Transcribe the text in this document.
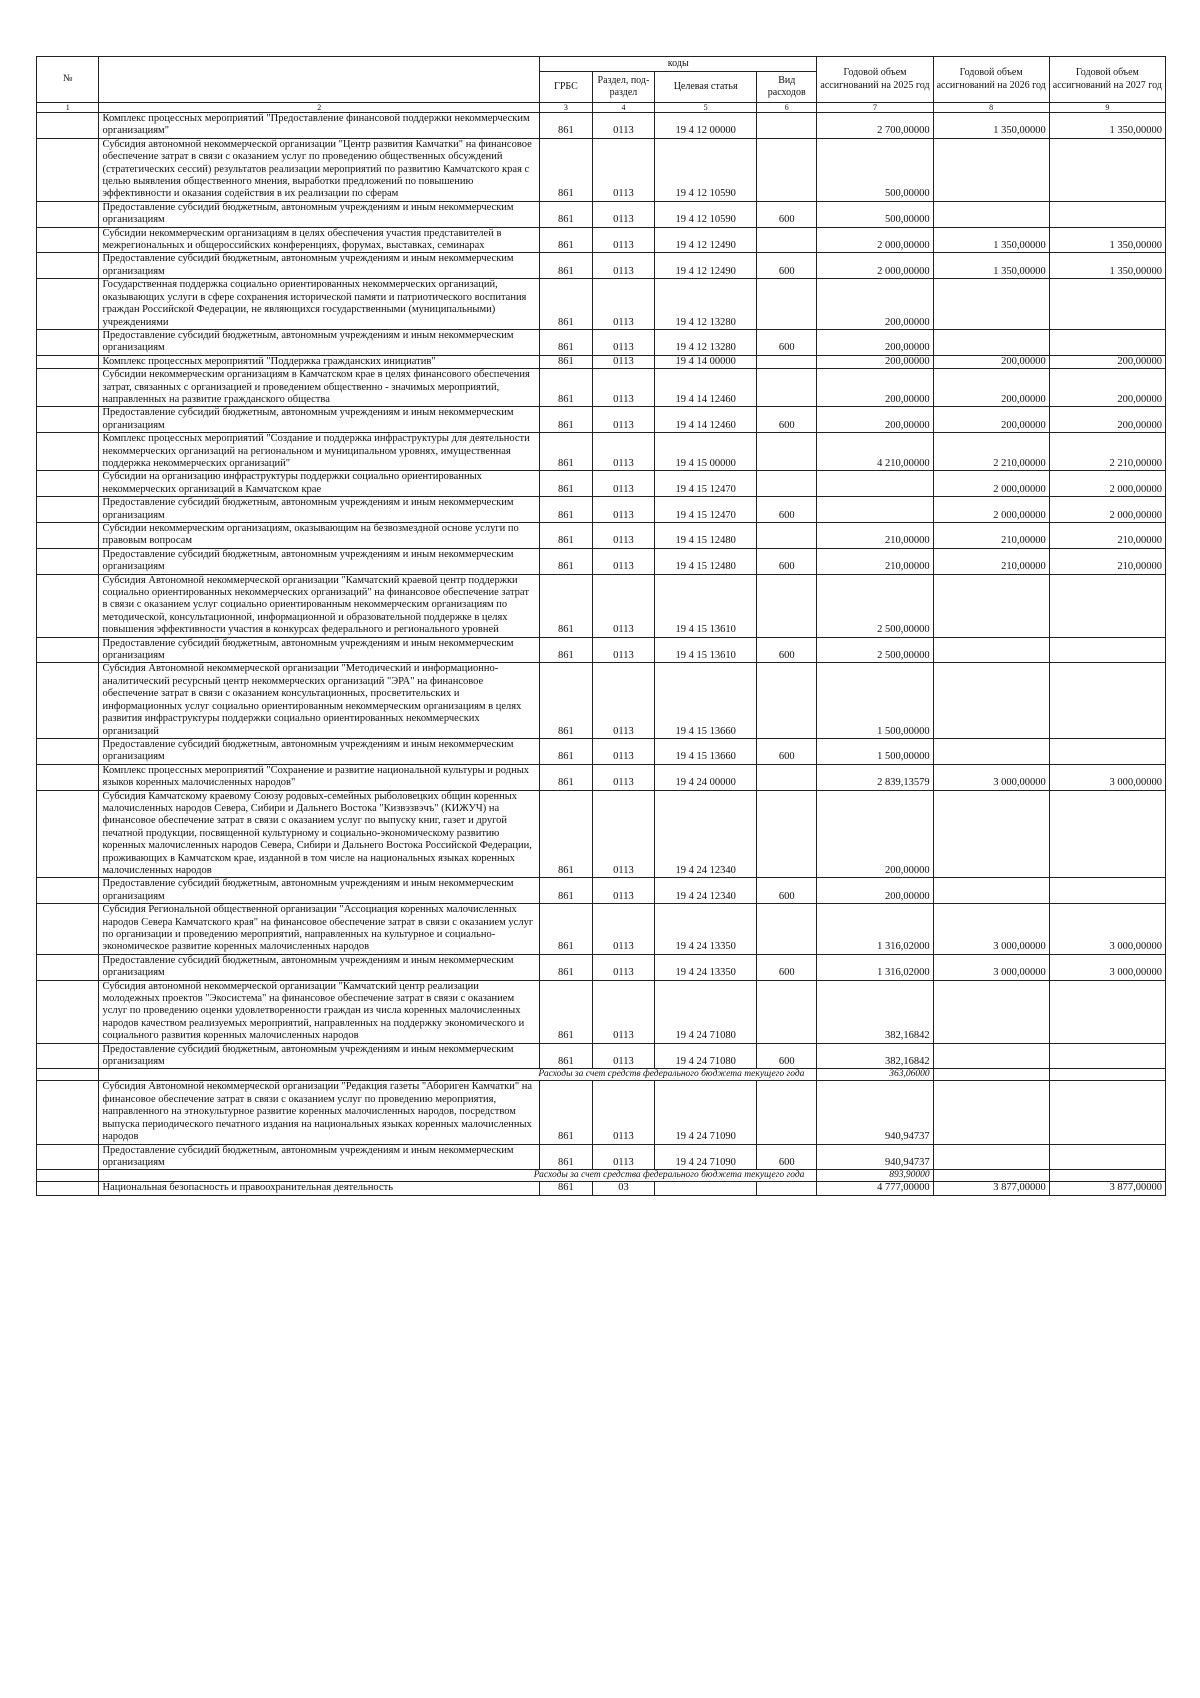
№		коды				Годовой объем ассигнований на 2025 год	Годовой объем ассигнований на 2026 год	Годовой объем ассигнований на 2027 год
		ГРБС	Раздел, под-раздел	Целевая статья	Вид расходов			
1	2	3	4	5	6	7	8	9
	Комплекс процессных мероприятий "Предоставление финансовой поддержки некоммерческим организациям"	861	0113	19 4 12 00000		2 700,00000	1 350,00000	1 350,00000
	Субсидия автономной некоммерческой организации "Центр развития Камчатки" на финансовое обеспечение затрат в связи с оказанием услуг по проведению общественных обсуждений (стратегических сессий) результатов реализации мероприятий по развитию Камчатского края с целью выявления общественного мнения, выработки предложений по повышению эффективности и оказания содействия в их реализации по сферам	861	0113	19 4 12 10590		500,00000		
	Предоставление субсидий бюджетным, автономным учреждениям и иным некоммерческим организациям	861	0113	19 4 12 10590	600	500,00000		
	Субсидии некоммерческим организациям в целях обеспечения участия представителей в межрегиональных и общероссийских конференциях, форумах, выставках, семинарах	861	0113	19 4 12 12490		2 000,00000	1 350,00000	1 350,00000
	Предоставление субсидий бюджетным, автономным учреждениям и иным некоммерческим организациям	861	0113	19 4 12 12490	600	2 000,00000	1 350,00000	1 350,00000
	Государственная поддержка социально ориентированных некоммерческих организаций, оказывающих услуги в сфере сохранения исторической памяти и патриотического воспитания граждан Российской Федерации, не являющихся государственными (муниципальными) учреждениями	861	0113	19 4 12 13280		200,00000		
	Предоставление субсидий бюджетным, автономным учреждениям и иным некоммерческим организациям	861	0113	19 4 12 13280	600	200,00000		
	Комплекс процессных мероприятий "Поддержка гражданских инициатив"	861	0113	19 4 14 00000		200,00000	200,00000	200,00000
	Субсидии некоммерческим организациям в Камчатском крае в целях финансового обеспечения затрат, связанных с организацией и проведением общественно - значимых мероприятий, направленных на развитие гражданского общества	861	0113	19 4 14 12460		200,00000	200,00000	200,00000
	Предоставление субсидий бюджетным, автономным учреждениям и иным некоммерческим организациям	861	0113	19 4 14 12460	600	200,00000	200,00000	200,00000
	Комплекс процессных мероприятий "Создание и поддержка инфраструктуры для деятельности некоммерческих организаций на региональном и муниципальном уровнях, имущественная поддержка некоммерческих организаций"	861	0113	19 4 15 00000		4 210,00000	2 210,00000	2 210,00000
	Субсидии на организацию инфраструктуры поддержки социально ориентированных некоммерческих организаций в Камчатском крае	861	0113	19 4 15 12470			2 000,00000	2 000,00000
	Предоставление субсидий бюджетным, автономным учреждениям и иным некоммерческим организациям	861	0113	19 4 15 12470	600		2 000,00000	2 000,00000
	Субсидии некоммерческим организациям, оказывающим на безвозмездной основе услуги по правовым вопросам	861	0113	19 4 15 12480		210,00000	210,00000	210,00000
	Предоставление субсидий бюджетным, автономным учреждениям и иным некоммерческим организациям	861	0113	19 4 15 12480	600	210,00000	210,00000	210,00000
	Субсидия Автономной некоммерческой организации "Камчатский краевой центр поддержки социально ориентированных некоммерческих организаций" на финансовое обеспечение затрат в связи с оказанием услуг социально ориентированным некоммерческим организациям по методической, консультационной, информационной и образовательной поддержке в целях повышения эффективности участия в конкурсах федерального и регионального уровней	861	0113	19 4 15 13610		2 500,00000		
	Предоставление субсидий бюджетным, автономным учреждениям и иным некоммерческим организациям	861	0113	19 4 15 13610	600	2 500,00000		
	Субсидия Автономной некоммерческой организации "Методический и информационно-аналитический ресурсный центр некоммерческих организаций "ЭРА" на финансовое обеспечение затрат в связи с оказанием консультационных, просветительских и информационных услуг социально ориентированным некоммерческим организациям в целях развития инфраструктуры поддержки социально ориентированных некоммерческих организаций	861	0113	19 4 15 13660		1 500,00000		
	Предоставление субсидий бюджетным, автономным учреждениям и иным некоммерческим организациям	861	0113	19 4 15 13660	600	1 500,00000		
	Комплекс процессных мероприятий "Сохранение и развитие национальной культуры и родных языков коренных малочисленных народов"	861	0113	19 4 24 00000		2 839,13579	3 000,00000	3 000,00000
	Субсидия Камчатскому краевому Союзу родовых-семейных рыболовецких общин коренных малочисленных народов Севера, Сибири и Дальнего Востока "Кизвэзвэчъ" (КИЖУЧ) на финансовое обеспечение затрат в связи с оказанием услуг по выпуску книг, газет и другой печатной продукции, посвященной культурному и социально-экономическому развитию коренных малочисленных народов Севера, Сибири и Дальнего Востока Российской Федерации, проживающих в Камчатском крае, изданной в том числе на национальных языках коренных малочисленных народов	861	0113	19 4 24 12340		200,00000		
	Предоставление субсидий бюджетным, автономным учреждениям и иным некоммерческим организациям	861	0113	19 4 24 12340	600	200,00000		
	Субсидия Региональной общественной организации "Ассоциация коренных малочисленных народов Севера Камчатского края" на финансовое обеспечение затрат в связи с оказанием услуг по организации и проведению мероприятий, направленных на культурное и социально-экономическое развитие коренных малочисленных народов	861	0113	19 4 24 13350		1 316,02000	3 000,00000	3 000,00000
	Предоставление субсидий бюджетным, автономным учреждениям и иным некоммерческим организациям	861	0113	19 4 24 13350	600	1 316,02000	3 000,00000	3 000,00000
	Субсидия автономной некоммерческой организации "Камчатский центр реализации молодежных проектов "Экосистема" на финансовое обеспечение затрат в связи с оказанием услуг по проведению оценки удовлетворенности граждан из числа коренных малочисленных народов качеством реализуемых мероприятий, направленных на поддержку экономического и социального развития коренных малочисленных народов	861	0113	19 4 24 71080		382,16842		
	Предоставление субсидий бюджетным, автономным учреждениям и иным некоммерческим организациям	861	0113	19 4 24 71080	600	382,16842		
	Расходы за счет средств федерального бюджета текущего года					363,06000		
	Субсидия Автономной некоммерческой организации "Редакция газеты "Абориген Камчатки" на финансовое обеспечение затрат в связи с оказанием услуг по проведению мероприятия, направленного на этнокультурное развитие коренных малочисленных народов, посредством выпуска периодического печатного издания на национальных языках коренных малочисленных народов	861	0113	19 4 24 71090		940,94737		
	Предоставление субсидий бюджетным, автономным учреждениям и иным некоммерческим организациям	861	0113	19 4 24 71090	600	940,94737		
	Расходы за счет средства федерального бюджета текущего года					893,90000		
	Национальная безопасность и правоохранительная деятельность	861	03			4 777,00000	3 877,00000	3 877,00000
